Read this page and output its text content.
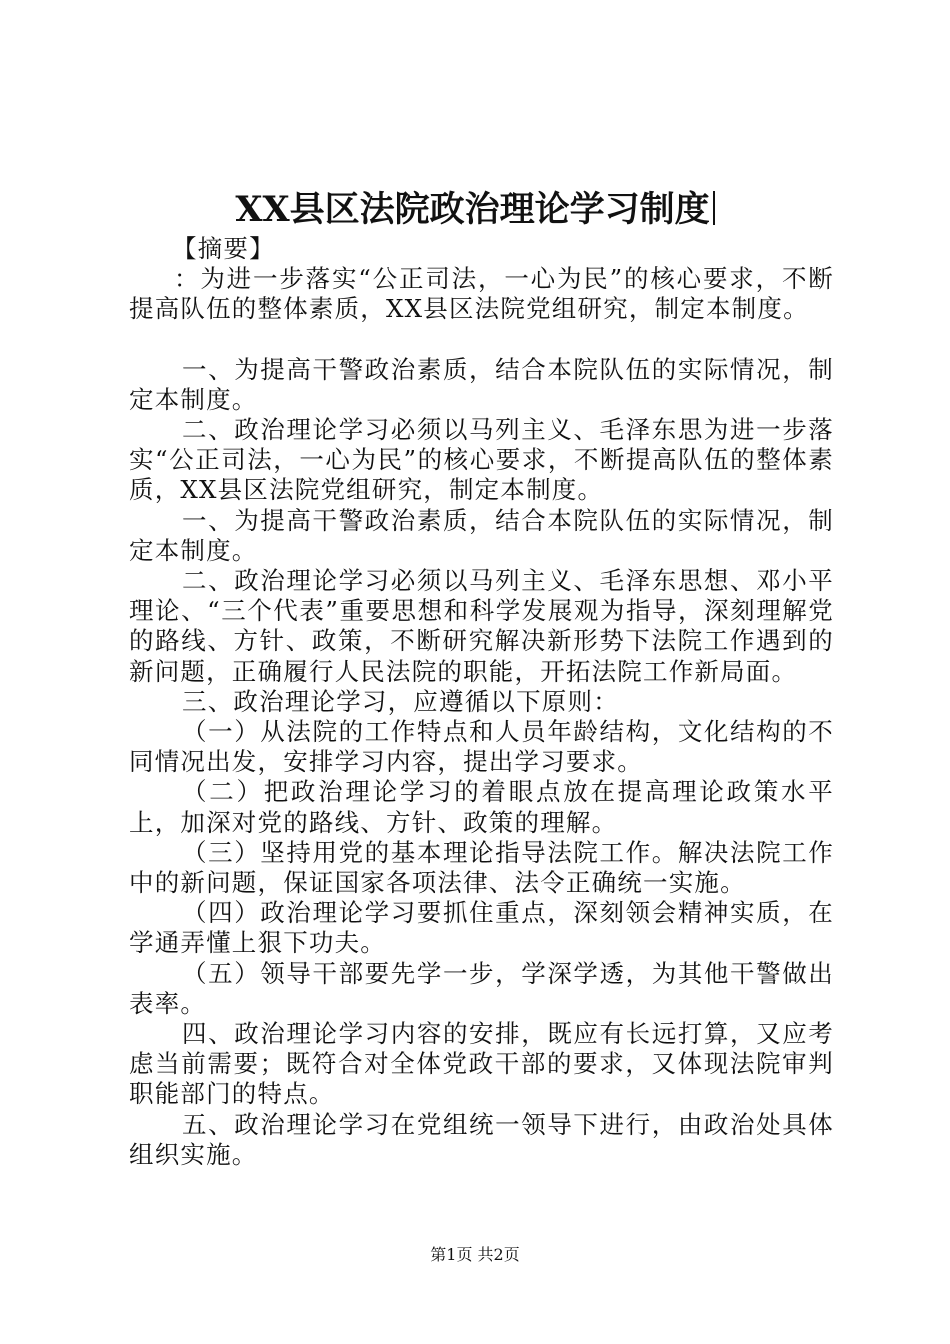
XX县区法院政治理论学习制度

【摘要】

：为进一步落实“公正司法，一心为民”的核心要求，不断提高队伍的整体素质，XX县区法院党组研究，制定本制度。

一、为提高干警政治素质，结合本院队伍的实际情况，制定本制度。

二、政治理论学习必须以马列主义、毛泽东思为进一步落实“公正司法，一心为民”的核心要求，不断提高队伍的整体素质，XX县区法院党组研究，制定本制度。

一、为提高干警政治素质，结合本院队伍的实际情况，制定本制度。

二、政治理论学习必须以马列主义、毛泽东思想、邓小平理论、“三个代表”重要思想和科学发展观为指导，深刻理解党的路线、方针、政策，不断研究解决新形势下法院工作遇到的新问题，正确履行人民法院的职能，开拓法院工作新局面。

三、政治理论学习，应遵循以下原则：

（一）从法院的工作特点和人员年龄结构，文化结构的不同情况出发，安排学习内容，提出学习要求。

（二）把政治理论学习的着眼点放在提高理论政策水平上，加深对党的路线、方针、政策的理解。

（三）坚持用党的基本理论指导法院工作。解决法院工作中的新问题，保证国家各项法律、法令正确统一实施。

（四）政治理论学习要抓住重点，深刻领会精神实质，在学通弄懂上狠下功夫。

（五）领导干部要先学一步，学深学透，为其他干警做出表率。

四、政治理论学习内容的安排，既应有长远打算，又应考虑当前需要；既符合对全体党政干部的要求，又体现法院审判职能部门的特点。

五、政治理论学习在党组统一领导下进行，由政治处具体组织实施。

第1页 共2页
